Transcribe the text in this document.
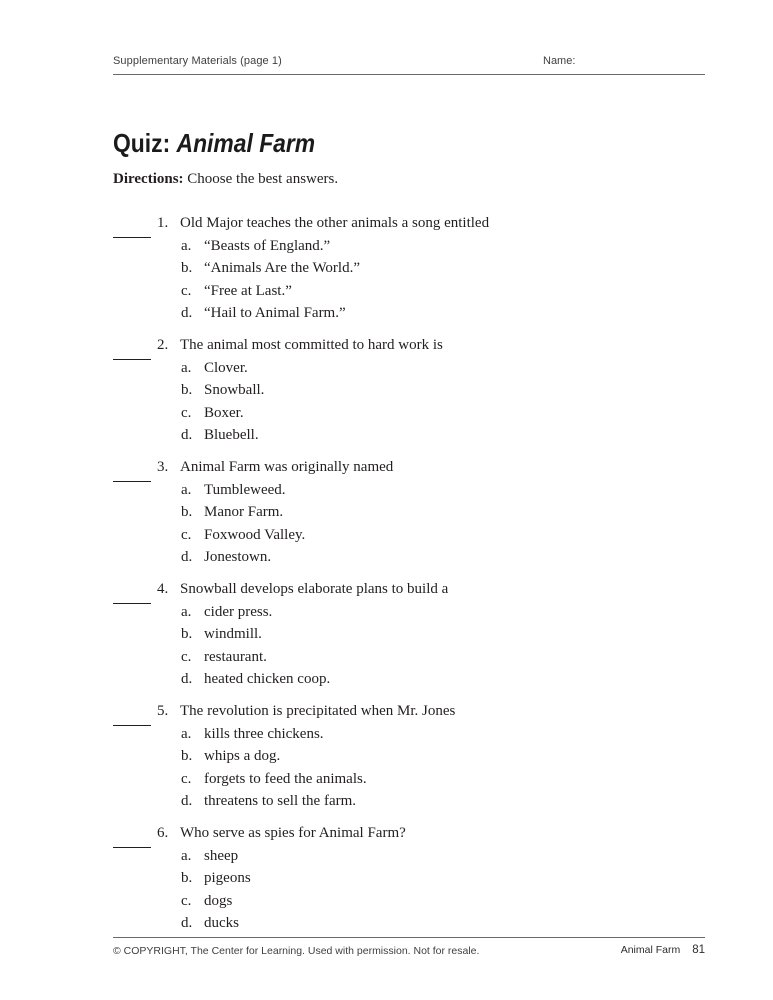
Supplementary Materials (page 1)	Name:
Quiz: Animal Farm

Directions: Choose the best answers.

1. Old Major teaches the other animals a song entitled
a. “Beasts of England.”
b. “Animals Are the World.”
c. “Free at Last.”
d. “Hail to Animal Farm.”
2. The animal most committed to hard work is
a. Clover.
b. Snowball.
c. Boxer.
d. Bluebell.
3. Animal Farm was originally named
a. Tumbleweed.
b. Manor Farm.
c. Foxwood Valley.
d. Jonestown.
4. Snowball develops elaborate plans to build a
a. cider press.
b. windmill.
c. restaurant.
d. heated chicken coop.
5. The revolution is precipitated when Mr. Jones
a. kills three chickens.
b. whips a dog.
c. forgets to feed the animals.
d. threatens to sell the farm.
6. Who serve as spies for Animal Farm?
a. sheep
b. pigeons
c. dogs
d. ducks
© COPYRIGHT, The Center for Learning. Used with permission. Not for resale.	Animal Farm 81
